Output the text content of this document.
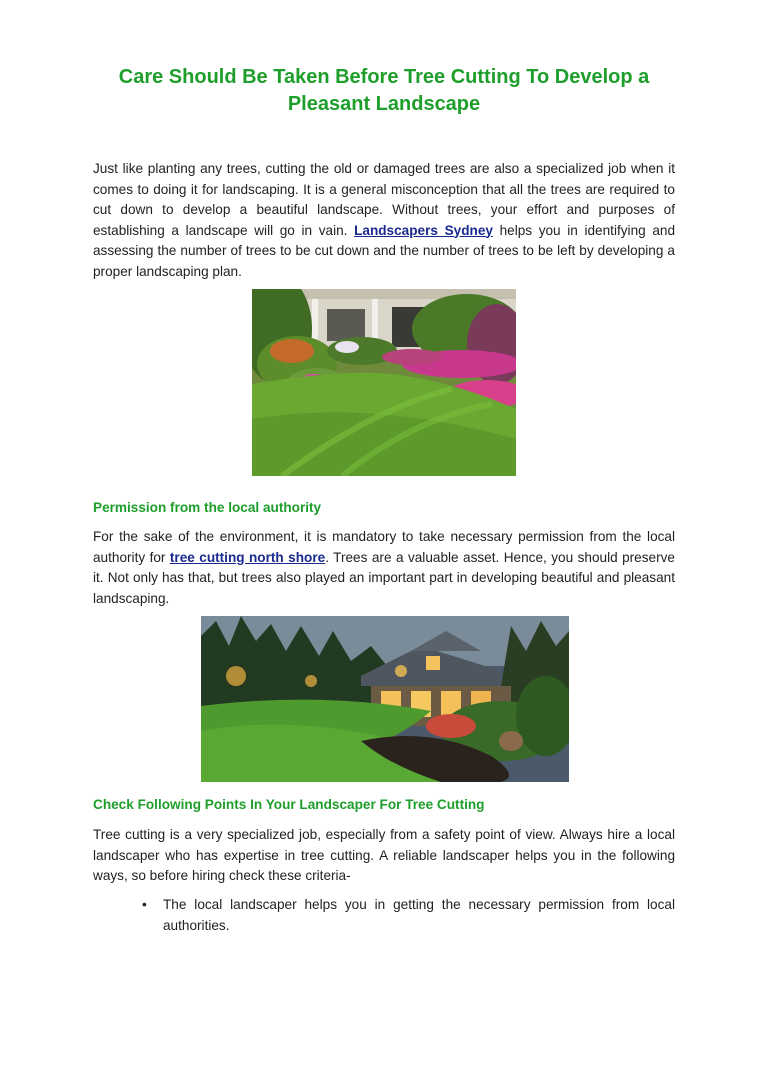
Care Should Be Taken Before Tree Cutting To Develop a Pleasant Landscape

Just like planting any trees, cutting the old or damaged trees are also a specialized job when it comes to doing it for landscaping. It is a general misconception that all the trees are required to cut down to develop a beautiful landscape. Without trees, your effort and purposes of establishing a landscape will go in vain. Landscapers Sydney helps you in identifying and assessing the number of trees to be cut down and the number of trees to be left by developing a proper landscaping plan.

Permission from the local authority

For the sake of the environment, it is mandatory to take necessary permission from the local authority for tree cutting north shore. Trees are a valuable asset. Hence, you should preserve it. Not only has that, but trees also played an important part in developing beautiful and pleasant landscaping.

Check Following Points In Your Landscaper For Tree Cutting

Tree cutting is a very specialized job, especially from a safety point of view. Always hire a local landscaper who has expertise in tree cutting. A reliable landscaper helps you in the following ways, so before hiring check these criteria-

• The local landscaper helps you in getting the necessary permission from local authorities.
